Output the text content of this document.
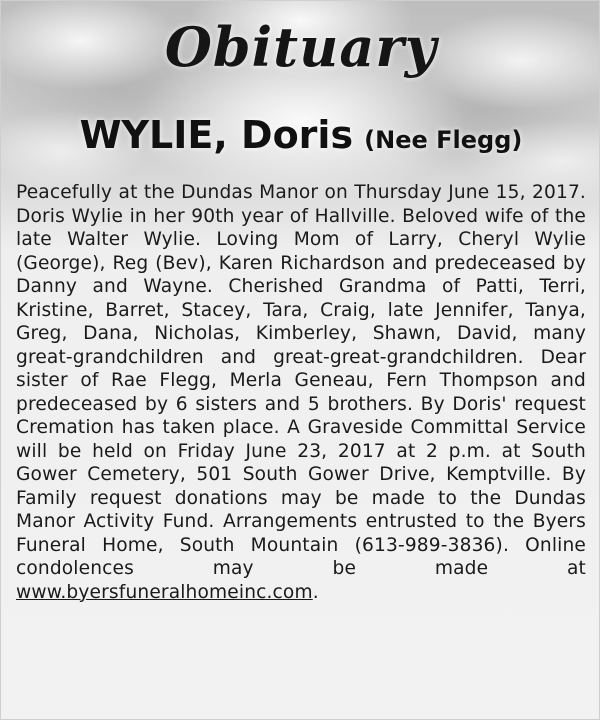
Obituary
WYLIE, Doris (Nee Flegg)
Peacefully at the Dundas Manor on Thursday June 15, 2017. Doris Wylie in her 90th year of Hallville. Beloved wife of the late Walter Wylie. Loving Mom of Larry, Cheryl Wylie (George), Reg (Bev), Karen Richardson and predeceased by Danny and Wayne. Cherished Grandma of Patti, Terri, Kristine, Barret, Stacey, Tara, Craig, late Jennifer, Tanya, Greg, Dana, Nicholas, Kimberley, Shawn, David, many great-grandchildren and great-great-grandchildren. Dear sister of Rae Flegg, Merla Geneau, Fern Thompson and predeceased by 6 sisters and 5 brothers. By Doris' request Cremation has taken place. A Graveside Committal Service will be held on Friday June 23, 2017 at 2 p.m. at South Gower Cemetery, 501 South Gower Drive, Kemptville. By Family request donations may be made to the Dundas Manor Activity Fund. Arrangements entrusted to the Byers Funeral Home, South Mountain (613-989-3836). Online condolences may be made at www.byersfuneralhomeinc.com.
